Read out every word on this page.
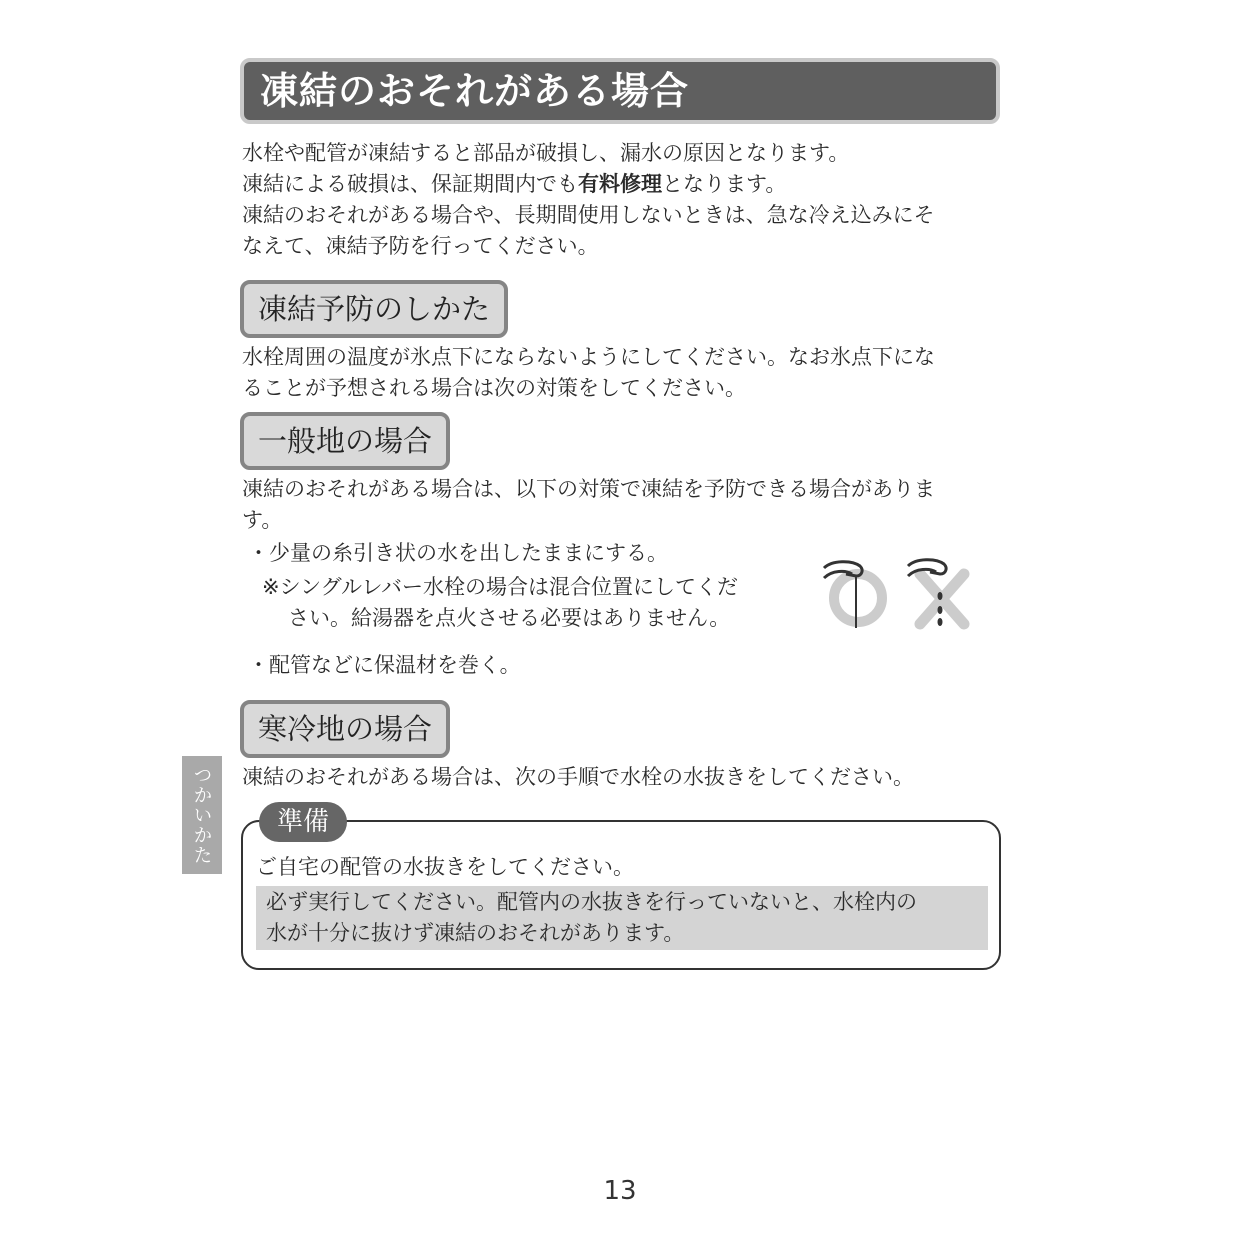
凍結のおそれがある場合

水栓や配管が凍結すると部品が破損し、漏水の原因となります。

凍結による破損は、保証期間内でも有料修理となります。

凍結のおそれがある場合や、長期間使用しないときは、急な冷え込みにそ

なえて、凍結予防を行ってください。

凍結予防のしかた

水栓周囲の温度が氷点下にならないようにしてください。なお氷点下にな

ることが予想される場合は次の対策をしてください。

一般地の場合

凍結のおそれがある場合は、以下の対策で凍結を予防できる場合がありま

す。

・少量の糸引き状の水を出したままにする。
※シングルレバー水栓の場合は混合位置にしてくだ
さい。給湯器を点火させる必要はありません。
・配管などに保温材を巻く。
寒冷地の場合

凍結のおそれがある場合は、次の手順で水栓の水抜きをしてください。

つかいかた	準備
ご自宅の配管の水抜きをしてください。
必ず実行してください。配管内の水抜きを行っていないと、水栓内の
水が十分に抜けず凍結のおそれがあります。
13
